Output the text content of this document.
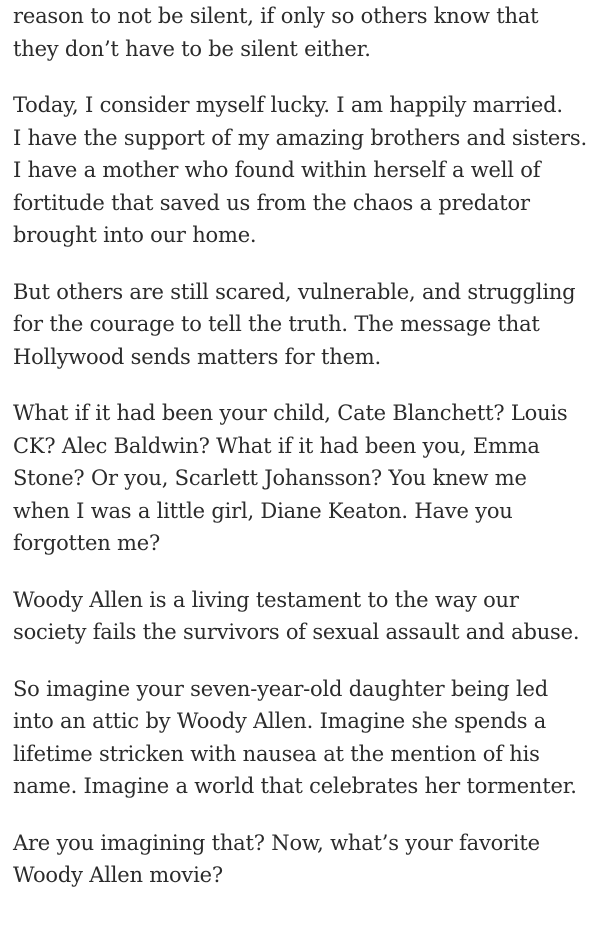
reason to not be silent, if only so others know that
they don’t have to be silent either.

Today, I consider myself lucky. I am happily married.
I have the support of my amazing brothers and sisters.
I have a mother who found within herself a well of
fortitude that saved us from the chaos a predator
brought into our home.

But others are still scared, vulnerable, and struggling
for the courage to tell the truth. The message that
Hollywood sends matters for them.

What if it had been your child, Cate Blanchett? Louis
CK? Alec Baldwin? What if it had been you, Emma
Stone? Or you, Scarlett Johansson? You knew me
when I was a little girl, Diane Keaton. Have you
forgotten me?

Woody Allen is a living testament to the way our
society fails the survivors of sexual assault and abuse.

So imagine your seven-year-old daughter being led
into an attic by Woody Allen. Imagine she spends a
lifetime stricken with nausea at the mention of his
name. Imagine a world that celebrates her tormenter.

Are you imagining that? Now, what’s your favorite
Woody Allen movie?
